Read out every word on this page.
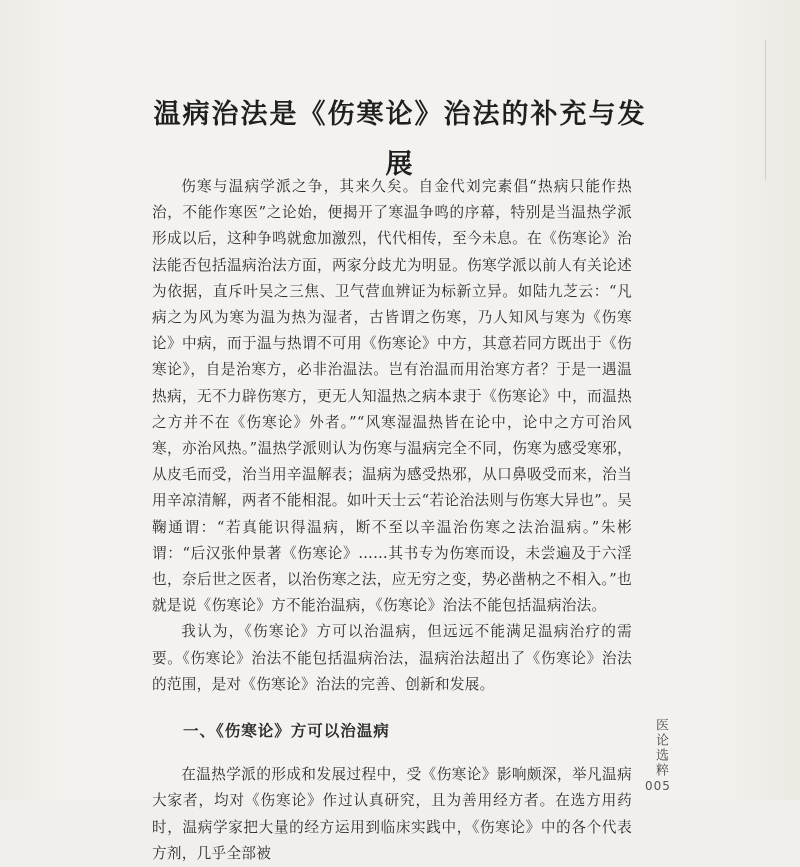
温病治法是《伤寒论》治法的补充与发展

伤寒与温病学派之争，其来久矣。自金代刘完素倡“热病只能作热治，不能作寒医”之论始，便揭开了寒温争鸣的序幕，特别是当温热学派形成以后，这种争鸣就愈加激烈，代代相传，至今未息。在《伤寒论》治法能否包括温病治法方面，两家分歧尤为明显。伤寒学派以前人有关论述为依据，直斥叶吴之三焦、卫气营血辨证为标新立异。如陆九芝云：“凡病之为风为寒为温为热为湿者，古皆谓之伤寒，乃人知风与寒为《伤寒论》中病，而于温与热谓不可用《伤寒论》中方，其意若同方既出于《伤寒论》，自是治寒方，必非治温法。岂有治温而用治寒方者？于是一遇温热病，无不力辟伤寒方，更无人知温热之病本隶于《伤寒论》中，而温热之方并不在《伤寒论》外者。”“风寒湿温热皆在论中，论中之方可治风寒，亦治风热。”温热学派则认为伤寒与温病完全不同，伤寒为感受寒邪，从皮毛而受，治当用辛温解表；温病为感受热邪，从口鼻吸受而来，治当用辛凉清解，两者不能相混。如叶天士云“若论治法则与伤寒大异也”。吴鞠通谓：“若真能识得温病，断不至以辛温治伤寒之法治温病。”朱彬谓：“后汉张仲景著《伤寒论》……其书专为伤寒而设，未尝遍及于六淫也，奈后世之医者，以治伤寒之法，应无穷之变，势必凿枘之不相入。”也就是说《伤寒论》方不能治温病，《伤寒论》治法不能包括温病治法。

我认为，《伤寒论》方可以治温病，但远远不能满足温病治疗的需要。《伤寒论》治法不能包括温病治法，温病治法超出了《伤寒论》治法的范围，是对《伤寒论》治法的完善、创新和发展。

一、《伤寒论》方可以治温病

在温热学派的形成和发展过程中，受《伤寒论》影响颇深，举凡温病大家者，均对《伤寒论》作过认真研究，且为善用经方者。在选方用药时，温病学家把大量的经方运用到临床实践中，《伤寒论》中的各个代表方剂，几乎全部被

医论选粹
005
